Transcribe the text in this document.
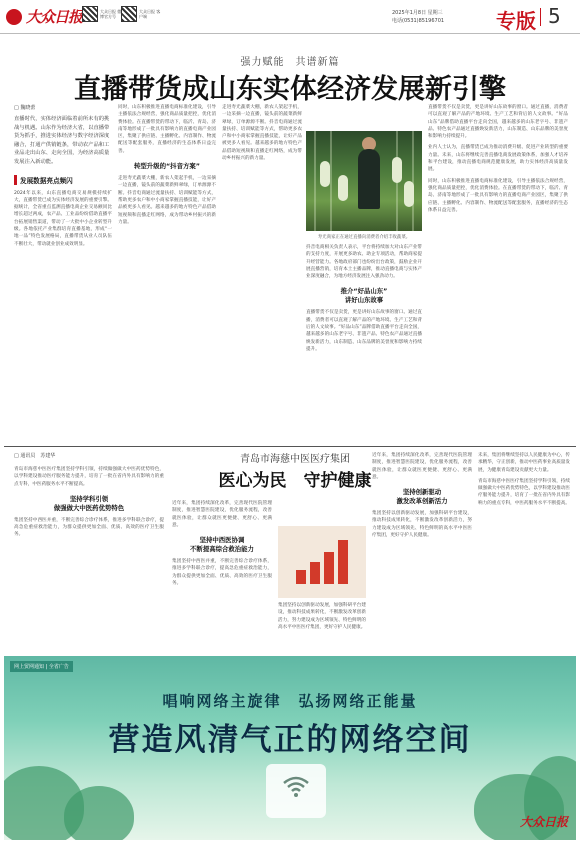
大众日报	大众日报 微博官方号
大众日报 客户端
2025年1月8日 星期三
电话(0531)85196701	专版 5
强力赋能　共谱新篇
直播带货成山东实体经济发展新引擎
□ 魏晓蕾
直播时代，实体经济面临着前所未有的挑战与机遇。山东作为经济大省，以直播带货为抓手，推进实体经济与数字经济深度融合，打通产供销链条，带动农产品和工业品走出山东、走向全国，为经济高质量发展注入新动能。
发展数据亮点频闪
2024年以来，山东直播电商交易规模持续扩大，直播带货已成为实体经济发展的重要引擎。据统计，全省重点监测直播电商企业交易额同比增长超过两成，农产品、工业品纷纷借助直播平台拓展销售渠道，带动了一大批中小企业转型升级。各地依托产业集群培育直播基地，形成“一地一品”特色发展格局，直播带货从业人员队伍不断壮大，带动就业创业成效明显。
同时，山东积极推进直播电商标准化建设，引导主播依法合规经营，强化商品质量把控，优化消费体验。在直播带货的带动下，临沂、青岛、济南等地形成了一批具有影响力的直播电商产业园区，集聚了供应链、主播孵化、内容制作、物流配送等配套服务，直播经济的生态体系日益完善。
转型升级的“抖音方案”
走进寿光蔬菜大棚，新农人架起手机，一边采摘一边直播，镜头前的蔬菜新鲜翠绿，订单源源不断。抖音电商通过流量扶持、培训赋能等方式，帮助更多农户和中小商家掌握直播技能，让好产品被更多人看见。越来越多的地方特色产品借助短视频和直播走红网络，成为带动乡村振兴的新力量。
走进寿光蔬菜大棚，新农人架起手机，一边采摘一边直播，镜头前的蔬菜新鲜翠绿，订单源源不断。抖音电商通过流量扶持、培训赋能等方式，帮助更多农户和中小商家掌握直播技能，让好产品被更多人看见。越来越多的地方特色产品借助短视频和直播走红网络，成为带动乡村振兴的新力量。
寿光商家正在通过直播向消费者介绍丰收蔬菜。
抖音电商相关负责人表示，平台将持续加大对山东产业带的支持力度，开展更多助农、助企专项活动，帮助商家提升经营能力。各地政府部门也纷纷出台政策，鼓励企业开展直播营销，培育本土主播品牌，推动直播电商与实体产业深度融合，为地方经济发展注入强劲动力。
推介“好品山东”
讲好山东故事
直播带货不仅是卖货，更是讲好山东故事的窗口。通过直播，消费者可以直观了解产品的产地环境、生产工艺和背后的人文故事。“好品山东”品牌借助直播平台走向全国，越来越多的山东老字号、非遗产品、特色农产品通过直播焕发新活力，山东制造、山东品牌的美誉度和影响力持续提升。
直播带货不仅是卖货，更是讲好山东故事的窗口。通过直播，消费者可以直观了解产品的产地环境、生产工艺和背后的人文故事。“好品山东”品牌借助直播平台走向全国，越来越多的山东老字号、非遗产品、特色农产品通过直播焕发新活力，山东制造、山东品牌的美誉度和影响力持续提升。
业内人士认为，直播带货已成为推动消费升级、促进产业转型的重要力量。未来，山东将继续完善直播电商发展政策体系，加强人才培养和平台建设，推动直播电商规范健康发展，助力实体经济高质量发展。
同时，山东积极推进直播电商标准化建设，引导主播依法合规经营，强化商品质量把控，优化消费体验。在直播带货的带动下，临沂、青岛、济南等地形成了一批具有影响力的直播电商产业园区，集聚了供应链、主播孵化、内容制作、物流配送等配套服务，直播经济的生态体系日益完善。
□ 通讯员　苏建华	青岛市海慈中医医疗集团
医心为民　守护健康
青岛市海慈中医医疗集团坚持学科引领，持续做强做大中医药优势特色，以学科建设推动医疗服务能力提升，培育了一批在省内外具有影响力的重点专科，中医药服务水平不断提高。
坚持学科引领
做强做大中医药优势特色
集团坚持中西医并重，不断完善综合诊疗体系，推进多学科联合诊疗，提高急危重症救治能力，为群众提供更加全面、优质、高效的医疗卫生服务。
近年来，集团持续深化改革，完善现代医院管理制度，推进智慧医院建设，优化服务流程，改善就医体验，让群众就医更便捷、更舒心、更满意。
坚持中西医协调
不断提高综合救治能力
集团坚持中西医并重，不断完善综合诊疗体系，推进多学科联合诊疗，提高急危重症救治能力，为群众提供更加全面、优质、高效的医疗卫生服务。
集团坚持以创新驱动发展，加强科研平台建设，推动科技成果转化，不断激发改革创新活力，努力建设成为区域领先、特色鲜明的高水平中医医疗集团，更好守护人民健康。
近年来，集团持续深化改革，完善现代医院管理制度，推进智慧医院建设，优化服务流程，改善就医体验，让群众就医更便捷、更舒心、更满意。
坚持创新驱动
激发改革创新活力
集团坚持以创新驱动发展，加强科研平台建设，推动科技成果转化，不断激发改革创新活力，努力建设成为区域领先、特色鲜明的高水平中医医疗集团，更好守护人民健康。
未来，集团将继续坚持以人民健康为中心，传承精华，守正创新，推动中医药事业高质量发展，为健康青岛建设贡献更大力量。
青岛市海慈中医医疗集团坚持学科引领，持续做强做大中医药优势特色，以学科建设推动医疗服务能力提升，培育了一批在省内外具有影响力的重点专科，中医药服务水平不断提高。
网上贸网通知 | 全省广告
唱响网络主旋律　弘扬网络正能量
营造风清气正的网络空间
大众日报
